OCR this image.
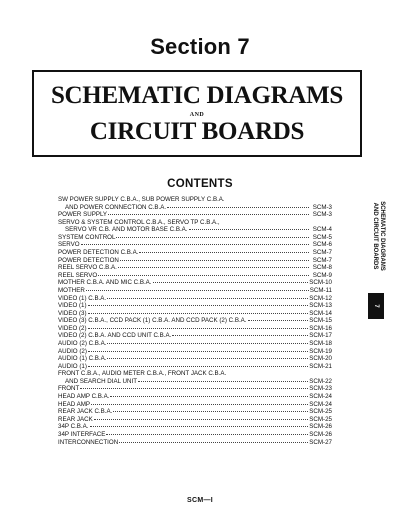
Section 7
SCHEMATIC DIAGRAMS
AND
CIRCUIT BOARDS
CONTENTS
SW POWER SUPPLY C.B.A., SUB POWER SUPPLY C.B.A.
AND POWER CONNECTION C.B.A.	SCM-3
POWER SUPPLY	SCM-3
SERVO & SYSTEM CONTROL C.B.A., SERVO TP C.B.A.,
SERVO VR C.B. AND MOTOR BASE C.B.A.	SCM-4
SYSTEM CONTROL	SCM-5
SERVO	SCM-6
POWER DETECTION C.B.A.	SCM-7
POWER DETECTION	SCM-7
REEL SERVO C.B.A.	SCM-8
REEL SERVO	SCM-9
MOTHER C.B.A. AND MIC C.B.A.	SCM-10
MOTHER	SCM-11
VIDEO (1) C.B.A.	SCM-12
VIDEO (1)	SCM-13
VIDEO (3)	SCM-14
VIDEO (3) C.B.A., CCD PACK (1) C.B.A. AND CCD PACK (2) C.B.A.	SCM-15
VIDEO (2)	SCM-16
VIDEO (2) C.B.A. AND CCD UNIT C.B.A.	SCM-17
AUDIO (2) C.B.A.	SCM-18
AUDIO (2)	SCM-19
AUDIO (1) C.B.A.	SCM-20
AUDIO (1)	SCM-21
FRONT C.B.A., AUDIO METER C.B.A., FRONT JACK C.B.A.
AND SEARCH DIAL UNIT	SCM-22
FRONT	SCM-23
HEAD AMP C.B.A.	SCM-24
HEAD AMP	SCM-24
REAR JACK C.B.A.	SCM-25
REAR JACK	SCM-25
34P C.B.A.	SCM-26
34P INTERFACE	SCM-26
INTERCONNECTION	SCM-27
SCHEMATIC DIAGRAMS
AND CIRCUIT BOARDS
7
SCM—I
